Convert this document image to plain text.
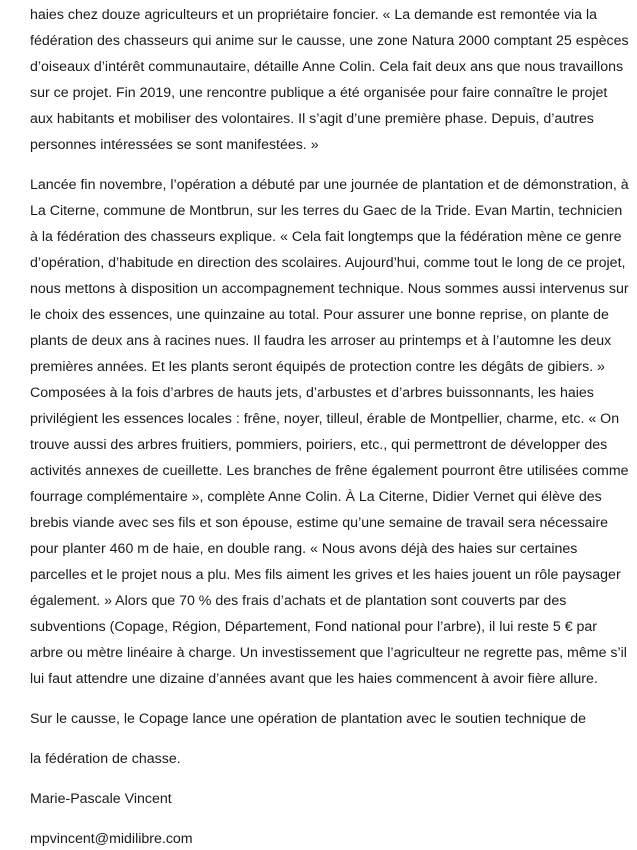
haies chez douze agriculteurs et un propriétaire foncier. « La demande est remontée via la
fédération des chasseurs qui anime sur le causse, une zone Natura 2000 comptant 25 espèces
d’oiseaux d’intérêt communautaire, détaille Anne Colin. Cela fait deux ans que nous travaillons
sur ce projet. Fin 2019, une rencontre publique a été organisée pour faire connaître le projet
aux habitants et mobiliser des volontaires. Il s’agit d’une première phase. Depuis, d’autres
personnes intéressées se sont manifestées. »
Lancée fin novembre, l’opération a débuté par une journée de plantation et de démonstration, à
La Citerne, commune de Montbrun, sur les terres du Gaec de la Tride. Evan Martin, technicien
à la fédération des chasseurs explique. « Cela fait longtemps que la fédération mène ce genre
d’opération, d’habitude en direction des scolaires. Aujourd’hui, comme tout le long de ce projet,
nous mettons à disposition un accompagnement technique. Nous sommes aussi intervenus sur
le choix des essences, une quinzaine au total. Pour assurer une bonne reprise, on plante de
plants de deux ans à racines nues. Il faudra les arroser au printemps et à l’automne les deux
premières années. Et les plants seront équipés de protection contre les dégâts de gibiers. »
Composées à la fois d’arbres de hauts jets, d’arbustes et d’arbres buissonnants, les haies
privilégient les essences locales : frêne, noyer, tilleul, érable de Montpellier, charme, etc. « On
trouve aussi des arbres fruitiers, pommiers, poiriers, etc., qui permettront de développer des
activités annexes de cueillette. Les branches de frêne également pourront être utilisées comme
fourrage complémentaire », complète Anne Colin. À La Citerne, Didier Vernet qui élève des
brebis viande avec ses fils et son épouse, estime qu’une semaine de travail sera nécessaire
pour planter 460 m de haie, en double rang. « Nous avons déjà des haies sur certaines
parcelles et le projet nous a plu. Mes fils aiment les grives et les haies jouent un rôle paysager
également. » Alors que 70 % des frais d’achats et de plantation sont couverts par des
subventions (Copage, Région, Département, Fond national pour l’arbre), il lui reste 5 € par
arbre ou mètre linéaire à charge. Un investissement que l’agriculteur ne regrette pas, même s’il
lui faut attendre une dizaine d’années avant que les haies commencent à avoir fière allure.
Sur le causse, le Copage lance une opération de plantation avec le soutien technique de
la fédération de chasse.
Marie-Pascale Vincent
mpvincent@midilibre.com
